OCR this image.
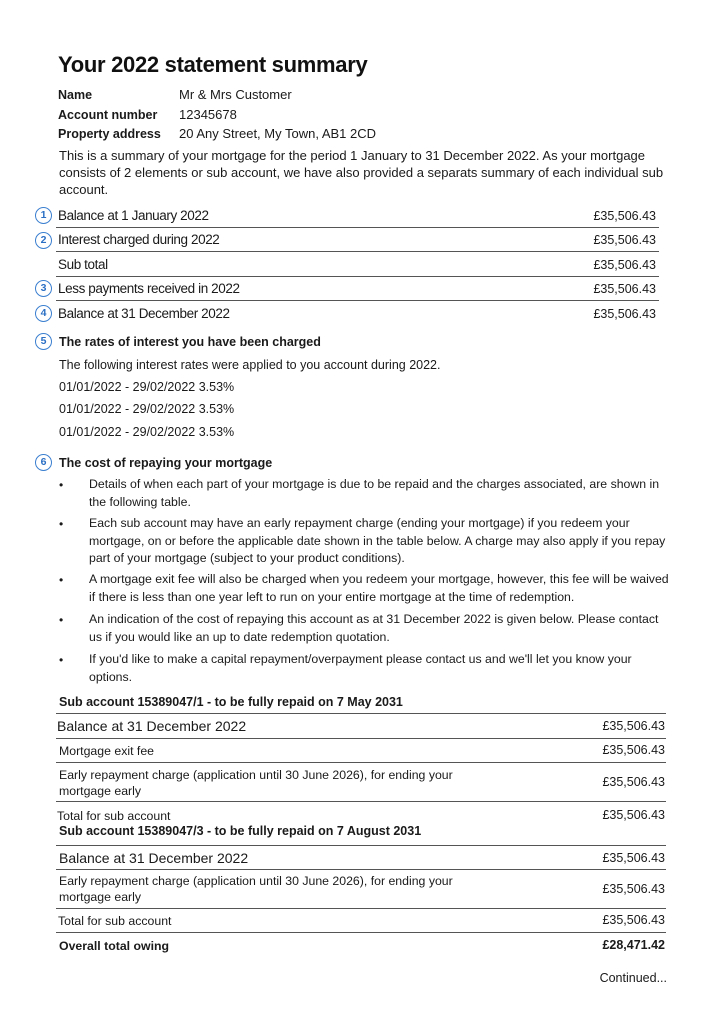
Your 2022 statement summary
Name	Mr & Mrs Customer
Account number 12345678
Property address 20 Any Street, My Town, AB1 2CD
This is a summary of your mortgage for the period 1 January to 31 December 2022. As your mortgage consists of 2 elements or sub account, we have also provided a separats summary of each individual sub account.
Balance at 1 January 2022	£35,506.43
1
Interest charged during 2022	£35,506.43
2
Sub total	£35,506.43
Less payments received in 2022	£35,506.43
3
Balance at 31 December 2022	£35,506.43
4
5	The rates of interest you have been charged
The following interest rates were applied to you account during 2022.
01/01/2022 - 29/02/2022 3.53%
01/01/2022 - 29/02/2022 3.53%
01/01/2022 - 29/02/2022 3.53%
6	The cost of repaying your mortgage
• Details of when each part of your mortgage is due to be repaid and the charges associated, are shown in the following table.
• Each sub account may have an early repayment charge (ending your mortgage) if you redeem your mortgage, on or before the applicable date shown in the table below. A charge may also apply if you repay part of your mortgage (subject to your product conditions).
• A mortgage exit fee will also be charged when you redeem your mortgage, however, this fee will be waived if there is less than one year left to run on your entire mortgage at the time of redemption.
• An indication of the cost of repaying this account as at 31 December 2022 is given below. Please contact us if you would like an up to date redemption quotation.
• If you'd like to make a capital repayment/overpayment please contact us and we'll let you know your options.
Sub account 15389047/1 - to be fully repaid on 7 May 2031
Balance at 31 December 2022	£35,506.43
Mortgage exit fee	£35,506.43
Early repayment charge (application until 30 June 2026), for ending your mortgage early
£35,506.43
Total for sub account	£35,506.43
Sub account 15389047/3 - to be fully repaid on 7 August 2031
Balance at 31 December 2022	£35,506.43
Early repayment charge (application until 30 June 2026), for ending your mortgage early
£35,506.43
Total for sub account	£35,506.43
Overall total owing	£28,471.42
Continued...
